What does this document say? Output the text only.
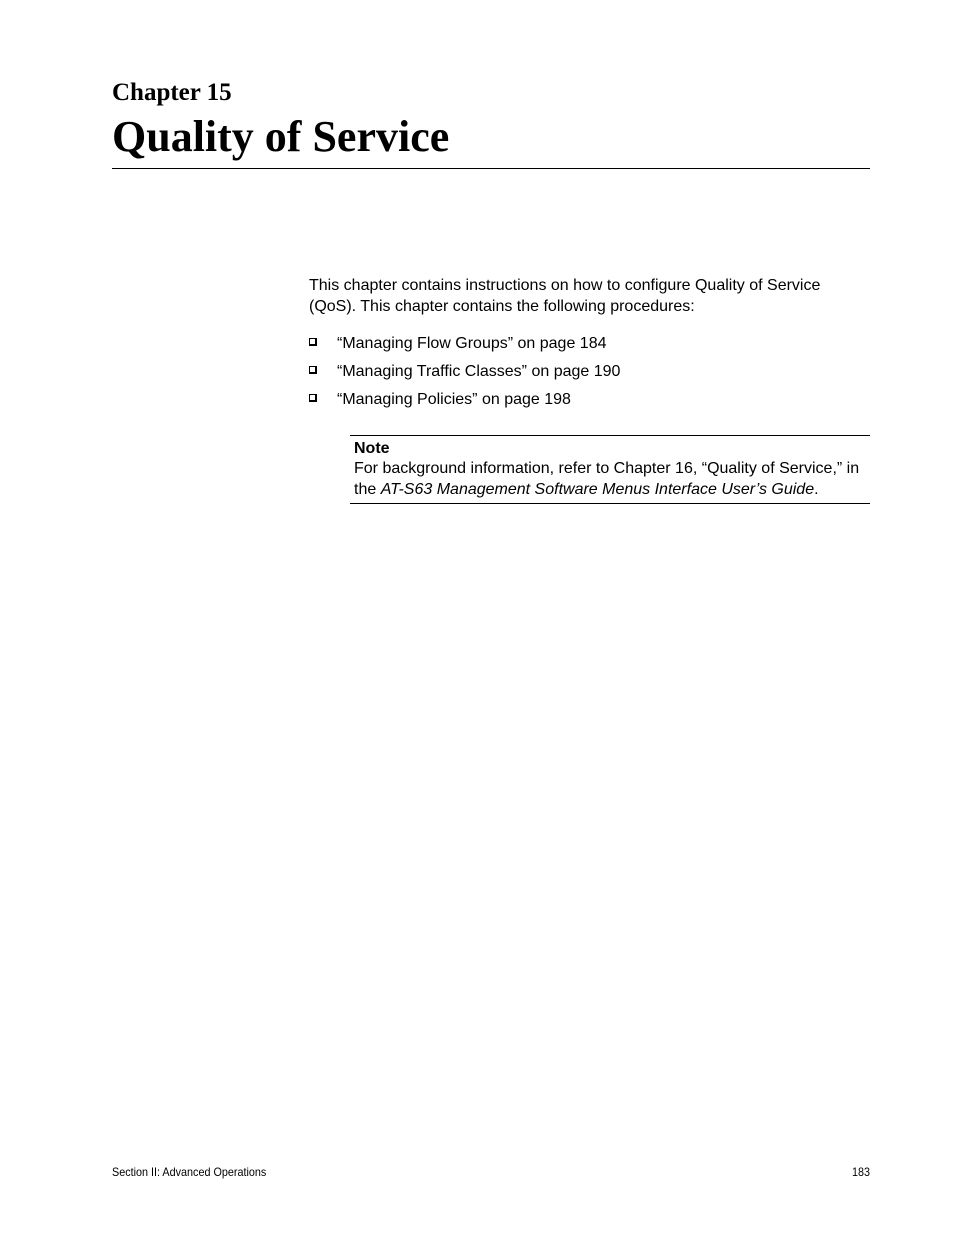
Chapter 15
Quality of Service

This chapter contains instructions on how to configure Quality of Service (QoS). This chapter contains the following procedures:

“Managing Flow Groups” on page 184
“Managing Traffic Classes” on page 190
“Managing Policies” on page 198

Note

For background information, refer to Chapter 16, “Quality of Service,” in the AT-S63 Management Software Menus Interface User’s Guide.

Section II: Advanced Operations	183
